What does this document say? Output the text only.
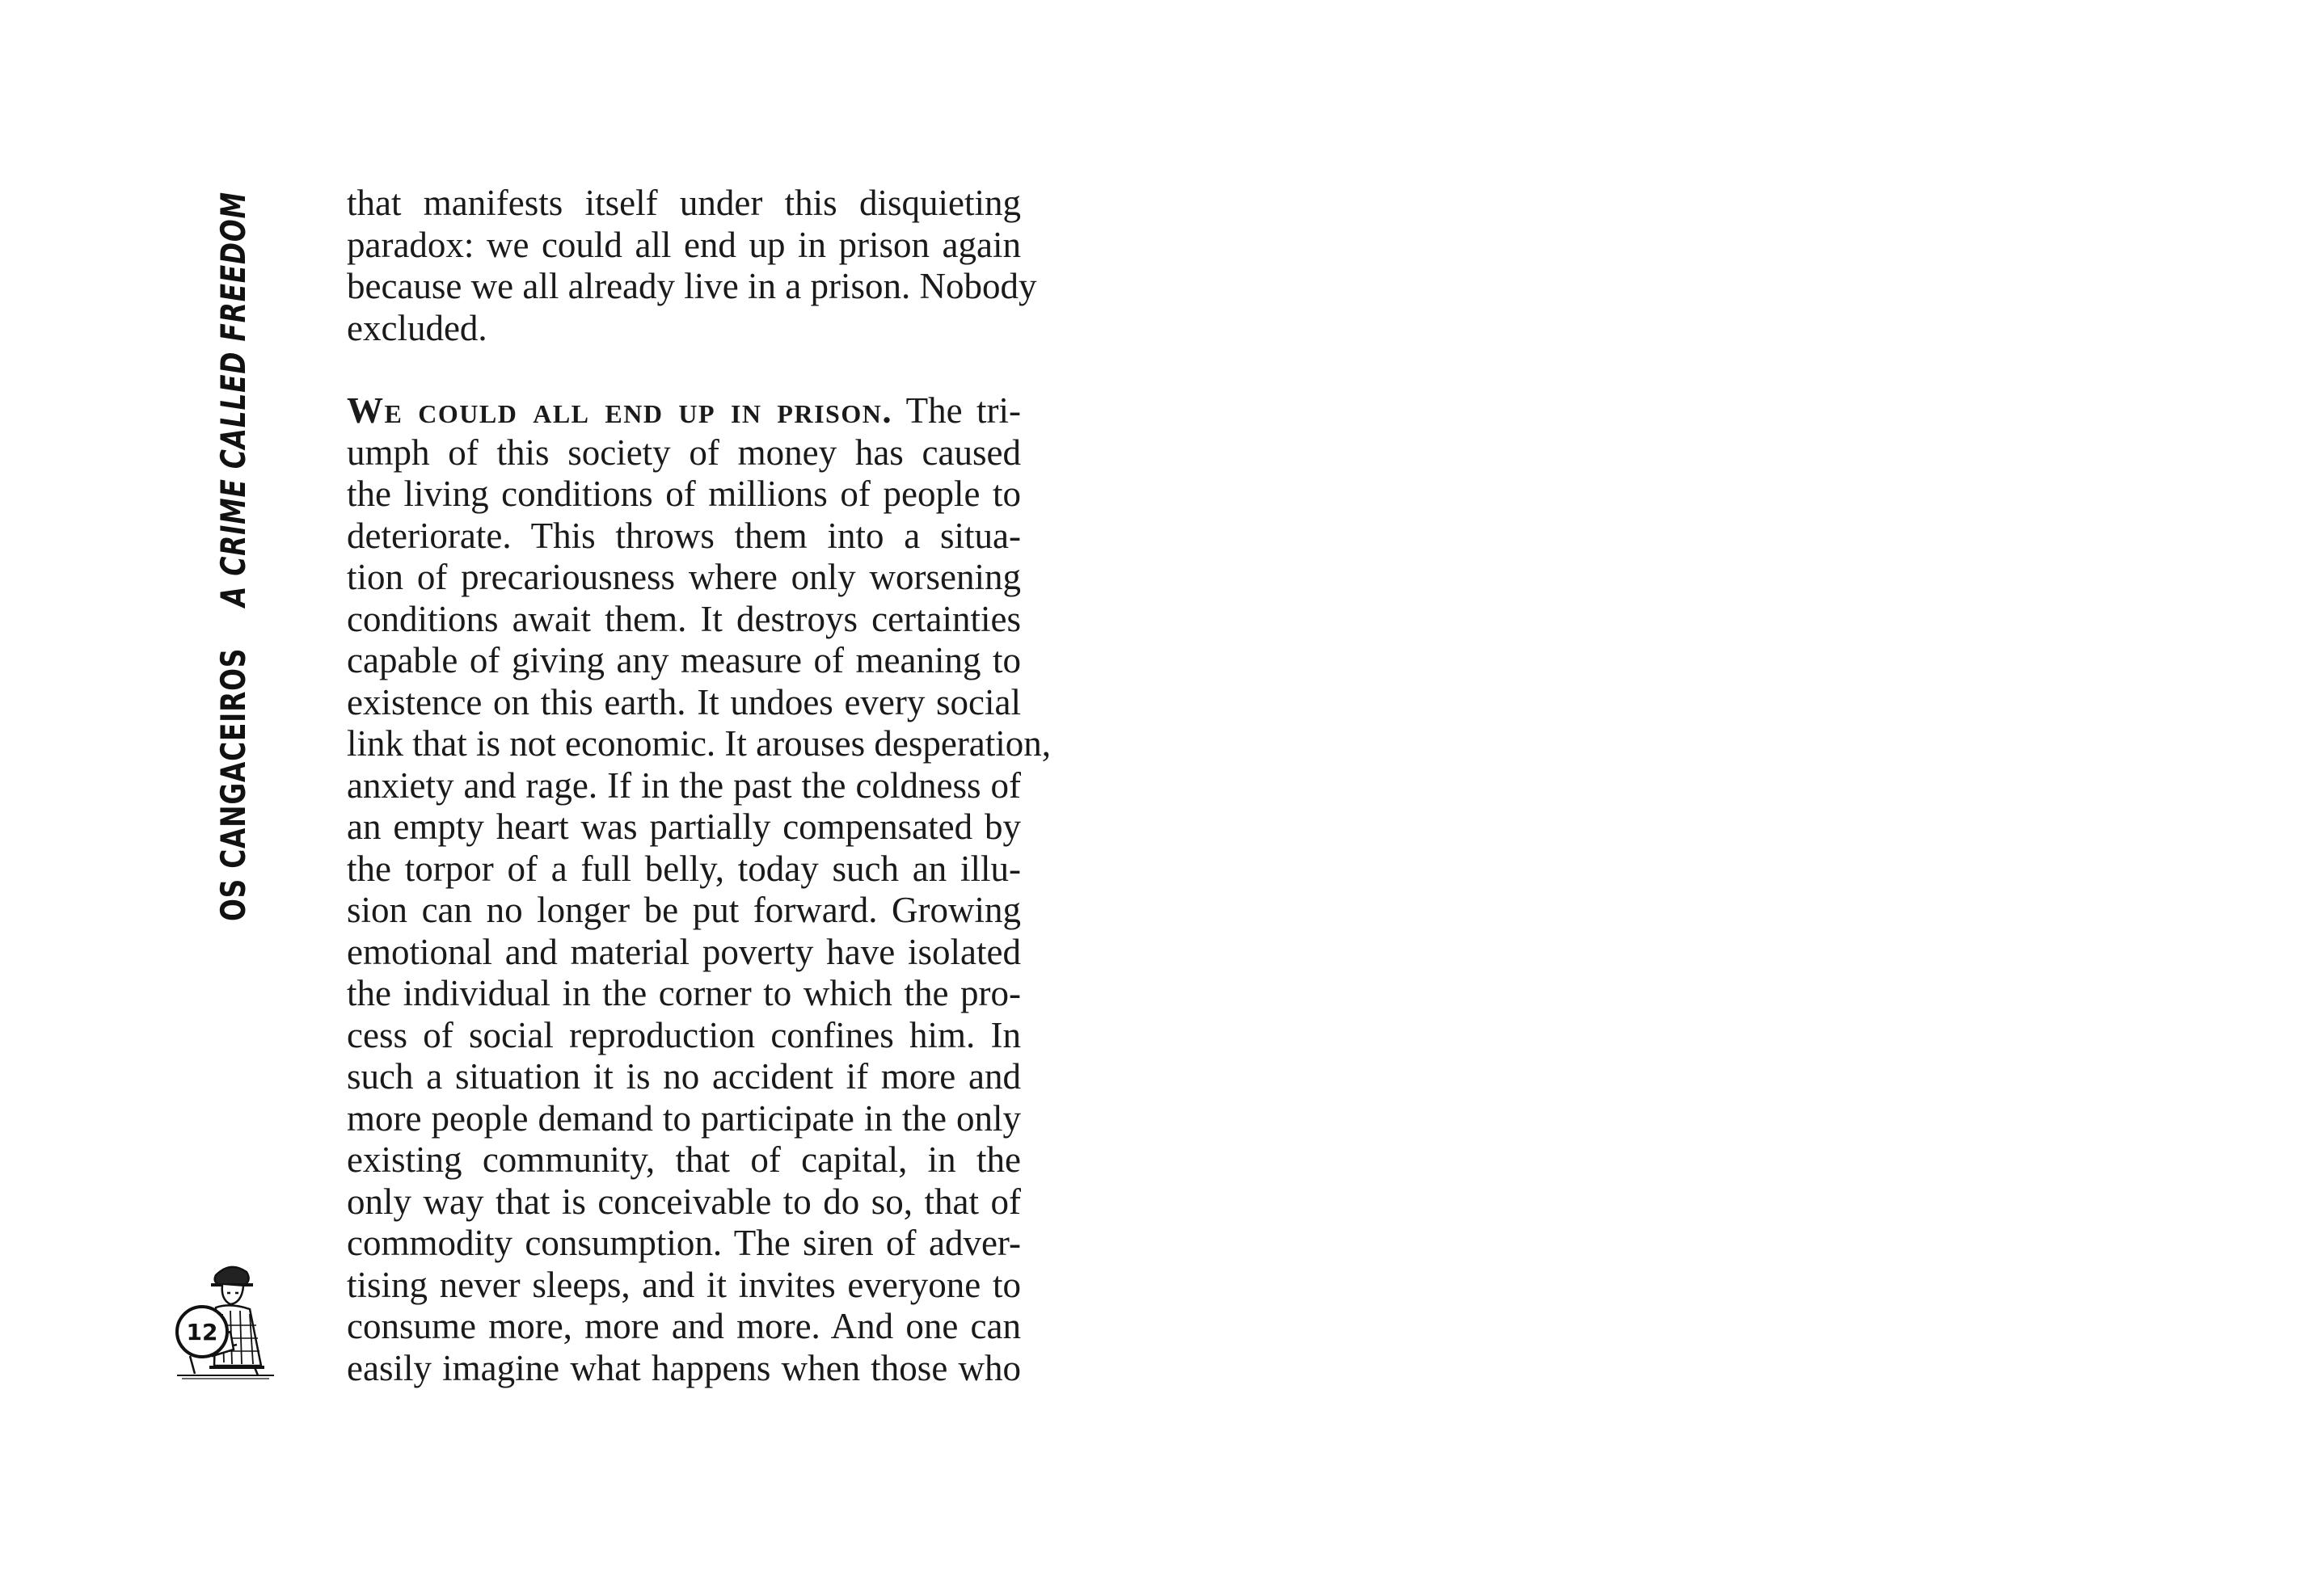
OS CANGACEIROS
A CRIME CALLED FREEDOM	that manifests itself under this disquieting
paradox: we could all end up in prison again
because we all already live in a prison. Nobody
excluded.

We could all end up in prison. The tri-
umph of this society of money has caused
the living conditions of millions of people to
deteriorate. This throws them into a situa-
tion of precariousness where only worsening
conditions await them. It destroys certainties
capable of giving any measure of meaning to
existence on this earth. It undoes every social
link that is not economic. It arouses desperation,
anxiety and rage. If in the past the coldness of
an empty heart was partially compensated by
the torpor of a full belly, today such an illu-
sion can no longer be put forward. Growing
emotional and material poverty have isolated
the individual in the corner to which the pro-
cess of social reproduction confines him. In
such a situation it is no accident if more and
more people demand to participate in the only
existing community, that of capital, in the
only way that is conceivable to do so, that of
commodity consumption. The siren of adver-
tising never sleeps, and it invites everyone to
consume more, more and more. And one can
easily imagine what happens when those who

12
